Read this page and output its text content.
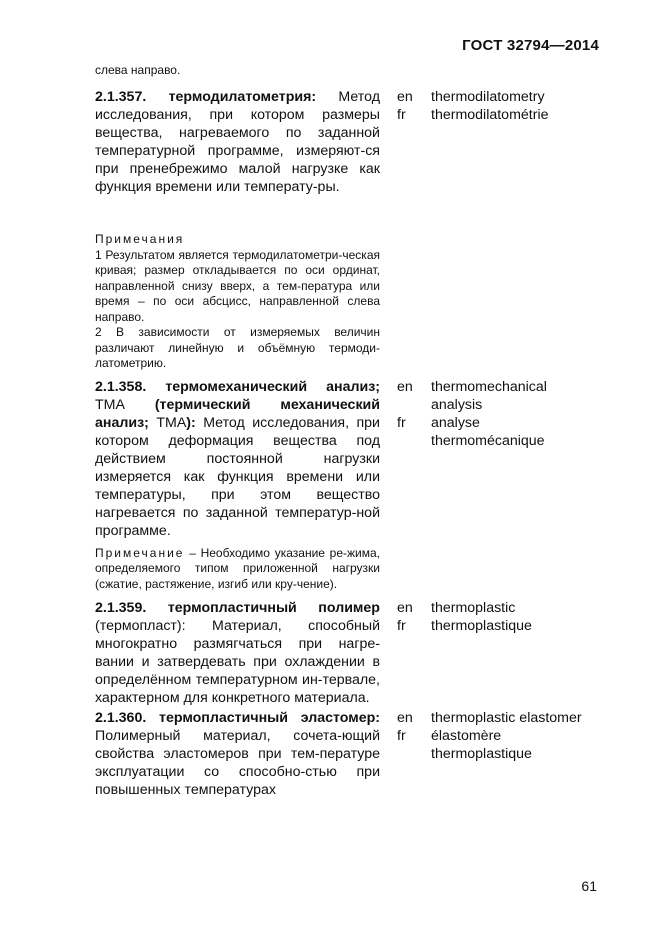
ГОСТ 32794—2014

слева направо.

2.1.357. термодилатометрия: Метод исследования, при котором размеры вещества, нагреваемого по заданной температурной программе, измеряют-ся при пренебрежимо малой нагрузке как функция времени или температу-ры.

en
fr
thermodilatometry
thermodilatométrie

Примечания

1 Результатом является термодилатометри-ческая кривая; размер откладывается по оси ординат, направленной снизу вверх, а тем-пература или время – по оси абсцисс, направленной слева направо.

2 В зависимости от измеряемых величин различают линейную и объёмную термоди-латометрию.

2.1.358. термомеханический анализ; ТМА (термический механический анализ; ТМА): Метод исследования, при котором деформация вещества под действием постоянной нагрузки измеряется как функция времени или температуры, при этом вещество нагревается по заданной температур-ной программе.

en
fr
thermomechanical analysis
analyse thermomécanique

Примечание – Необходимо указание ре-жима, определяемого типом приложенной нагрузки (сжатие, растяжение, изгиб или кру-чение).

2.1.359. термопластичный полимер (термопласт): Материал, способный многократно размягчаться при нагре-вании и затвердевать при охлаждении в определённом температурном ин-тервале, характерном для конкретного материала.

en
fr
thermoplastic
thermoplastique

2.1.360. термопластичный эластомер: Полимерный материал, сочета-ющий свойства эластомеров при тем-пературе эксплуатации со способно-стью при повышенных температурах

en
fr
thermoplastic elastomer
élastomère thermoplastique
61
